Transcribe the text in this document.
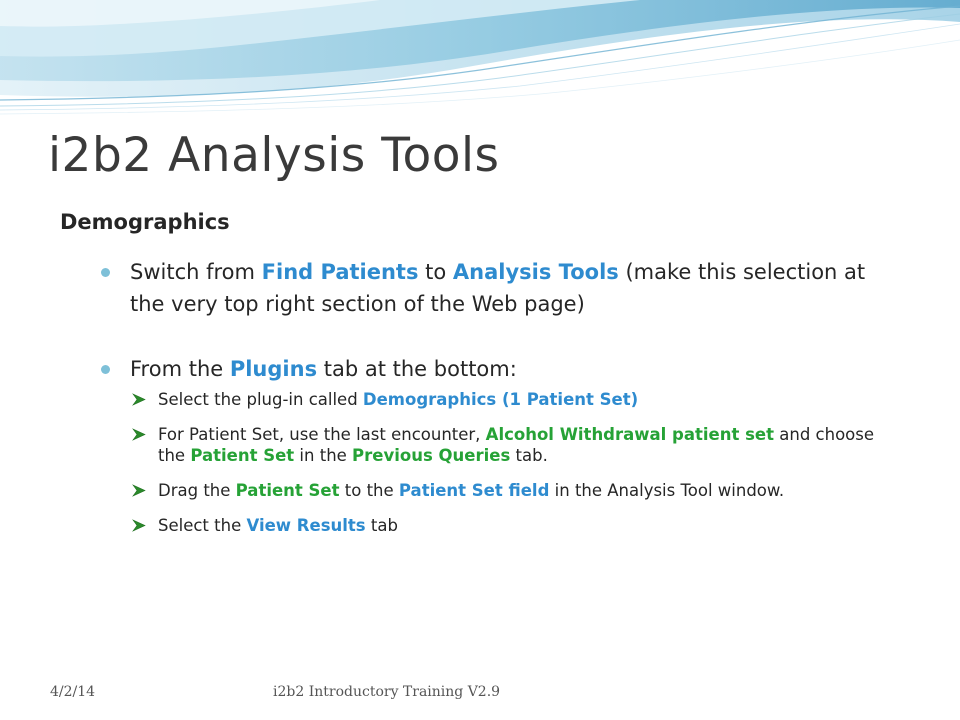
i2b2 Analysis Tools
Demographics
Switch from Find Patients to Analysis Tools (make this selection at the very top right section of the Web page)
From the Plugins tab at the bottom:
Select the plug-in called Demographics (1 Patient Set)
For Patient Set, use the last encounter, Alcohol Withdrawal patient set and choose the Patient Set in the Previous Queries tab.
Drag the Patient Set to the Patient Set field in the Analysis Tool window.
Select the View Results tab
4/2/14	i2b2 Introductory Training V2.9
